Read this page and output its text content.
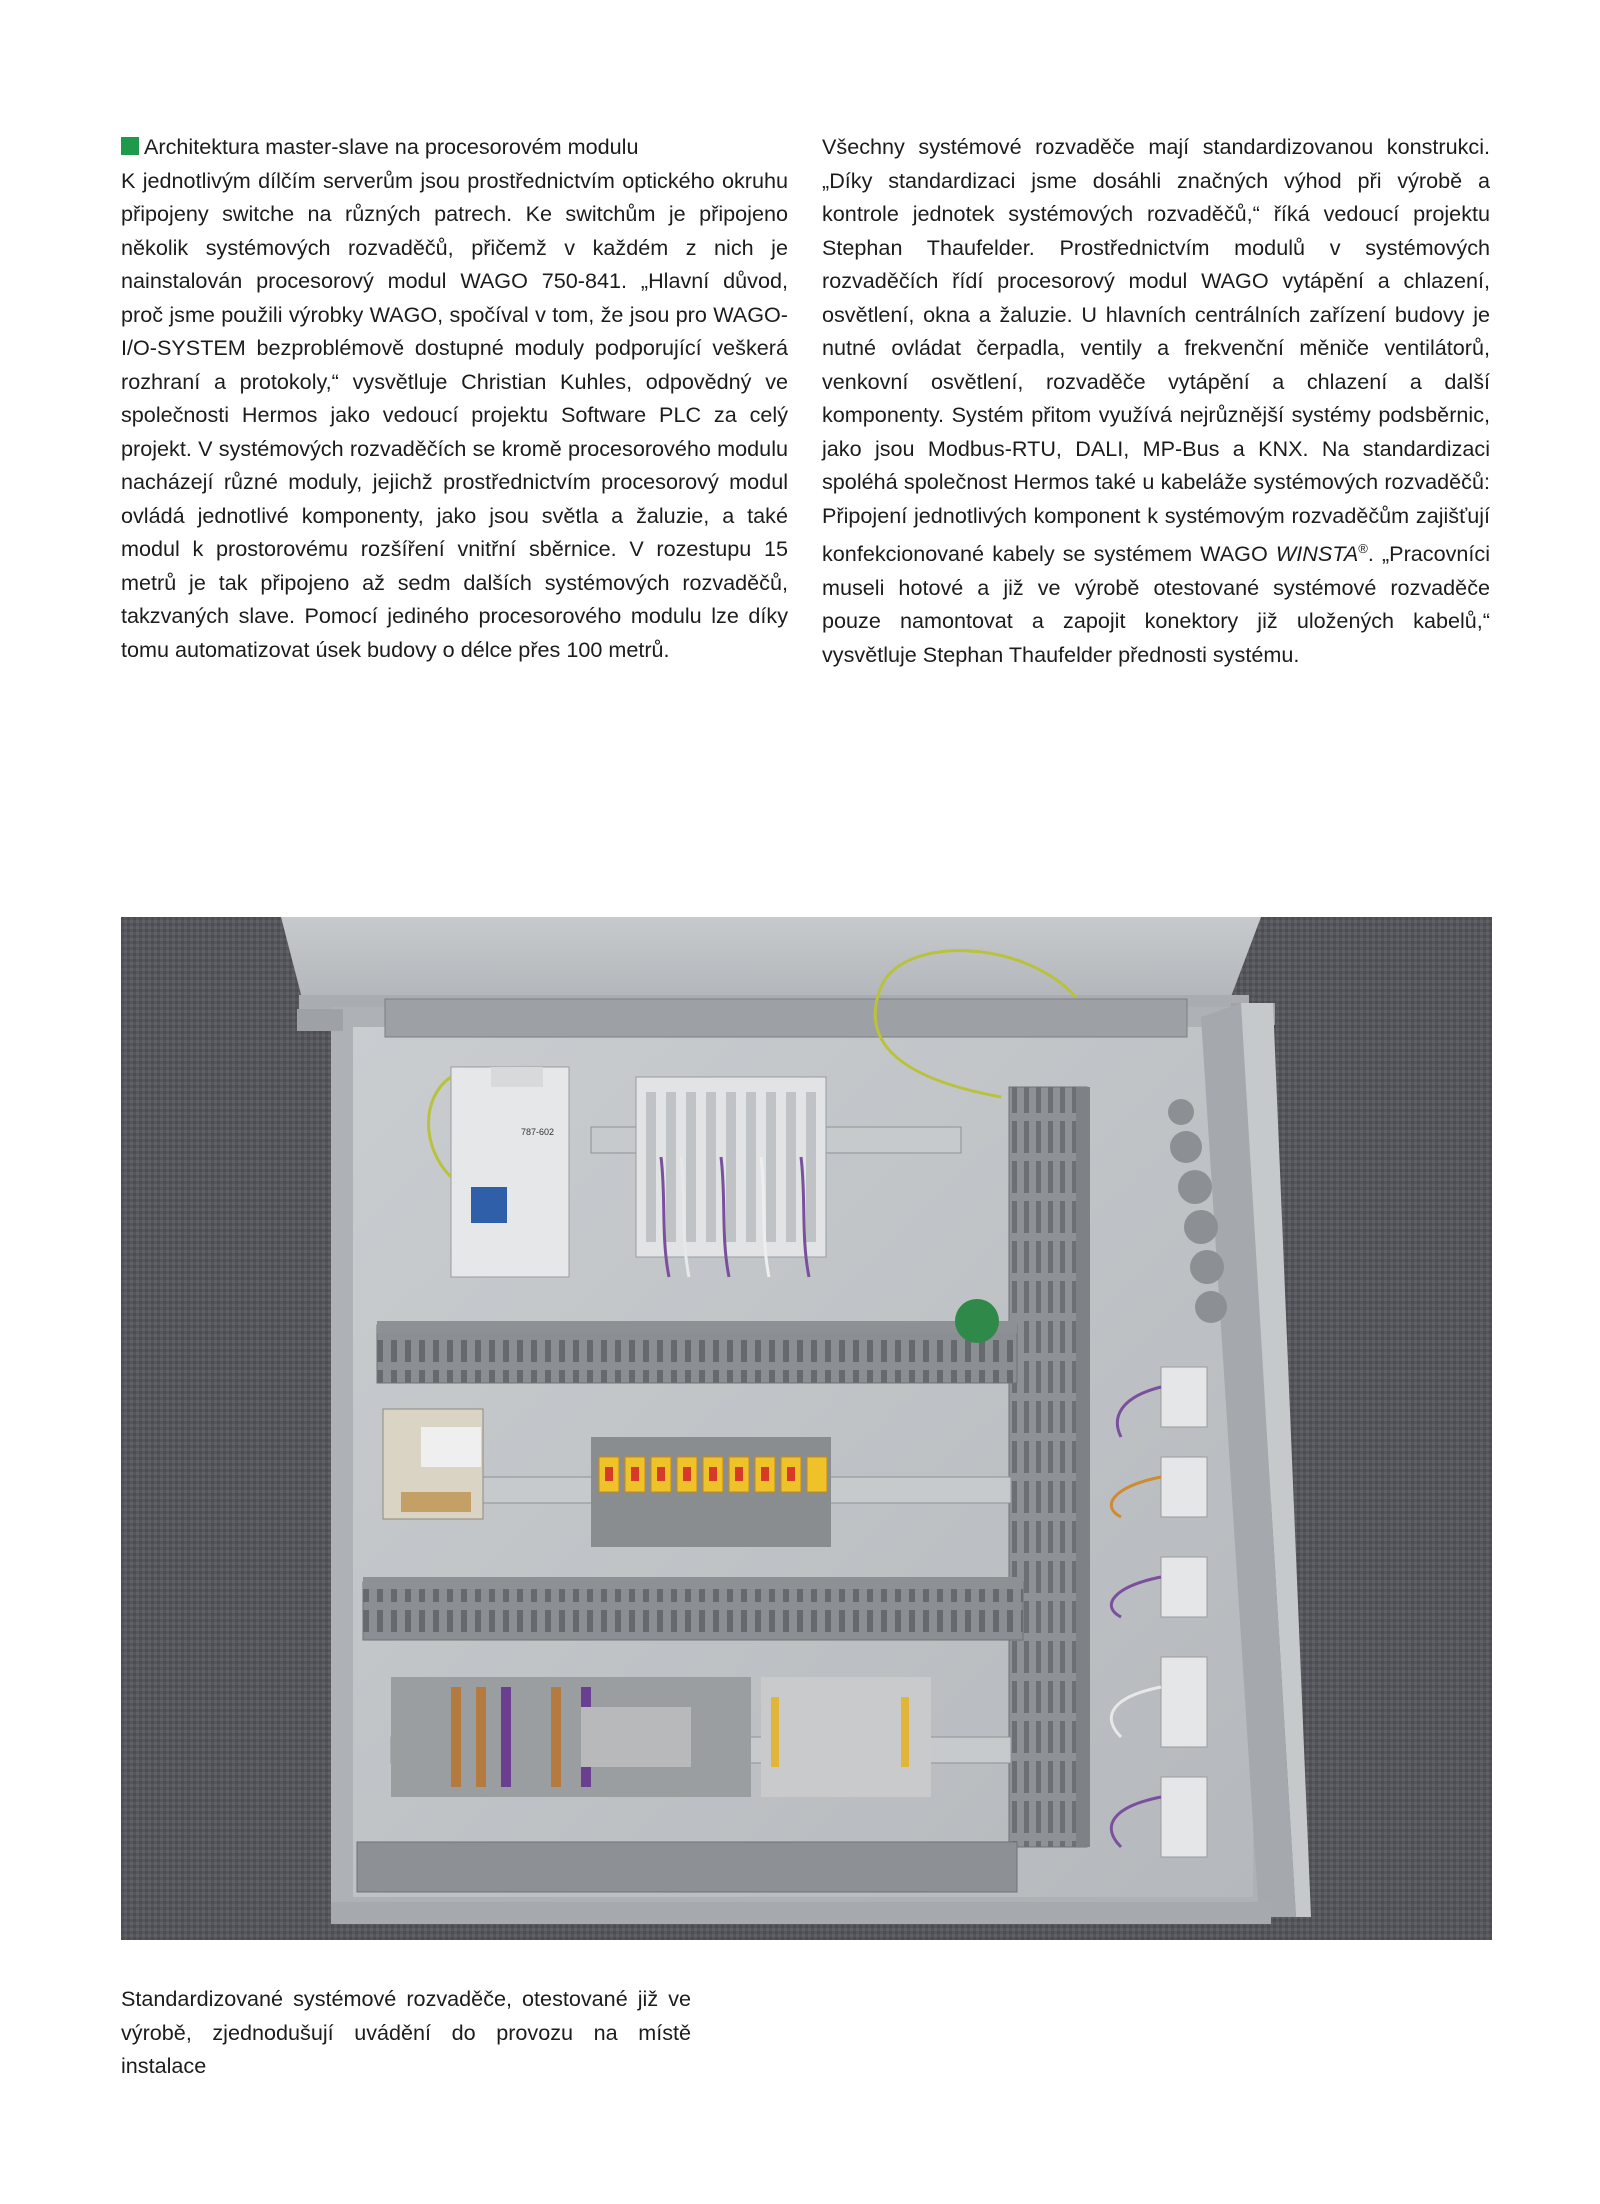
Architektura master-slave na procesorovém modulu

K jednotlivým dílčím serverům jsou prostřednictvím optického okruhu připojeny switche na různých patrech. Ke switchům je připojeno několik systémových rozvaděčů, přičemž v každém z nich je nainstalován procesorový modul WAGO 750-841. „Hlavní důvod, proč jsme použili výrobky WAGO, spočíval v tom, že jsou pro WAGO-I/O-SYSTEM bezproblémově dostupné moduly podporující veškerá rozhraní a protokoly,“ vysvětluje Christian Kuhles, odpovědný ve společnosti Hermos jako vedoucí projektu Software PLC za celý projekt. V systémových rozvaděčích se kromě procesorového modulu nacházejí různé moduly, jejichž prostřednictvím procesorový modul ovládá jednotlivé komponenty, jako jsou světla a žaluzie, a také modul k prostorovému rozšíření vnitřní sběrnice. V rozestupu 15 metrů je tak připojeno až sedm dalších systémových rozvaděčů, takzvaných slave. Pomocí jediného procesorového modulu lze díky tomu automatizovat úsek budovy o délce přes 100 metrů.

Všechny systémové rozvaděče mají standardizovanou konstrukci. „Díky standardizaci jsme dosáhli značných výhod při výrobě a kontrole jednotek systémových rozvaděčů,“ říká vedoucí projektu Stephan Thaufelder. Prostřednictvím modulů v systémových rozvaděčích řídí procesorový modul WAGO vytápění a chlazení, osvětlení, okna a žaluzie. U hlavních centrálních zařízení budovy je nutné ovládat čerpadla, ventily a frekvenční měniče ventilátorů, venkovní osvětlení, rozvaděče vytápění a chlazení a další komponenty. Systém přitom využívá nejrůznější systémy podsběrnic, jako jsou Modbus-RTU, DALI, MP-Bus a KNX. Na standardizaci spoléhá společnost Hermos také u kabeláže systémových rozvaděčů: Připojení jednotlivých komponent k systémovým rozvaděčům zajišťují konfekcionované kabely se systémem WAGO WINSTA®. „Pracovníci museli hotové a již ve výrobě otestované systémové rozvaděče pouze namontovat a zapojit konektory již uložených kabelů,“ vysvětluje Stephan Thaufelder přednosti systému.

787-602

Standardizované systémové rozvaděče, otestované již ve výrobě, zjednodušují uvádění do provozu na místě instalace
